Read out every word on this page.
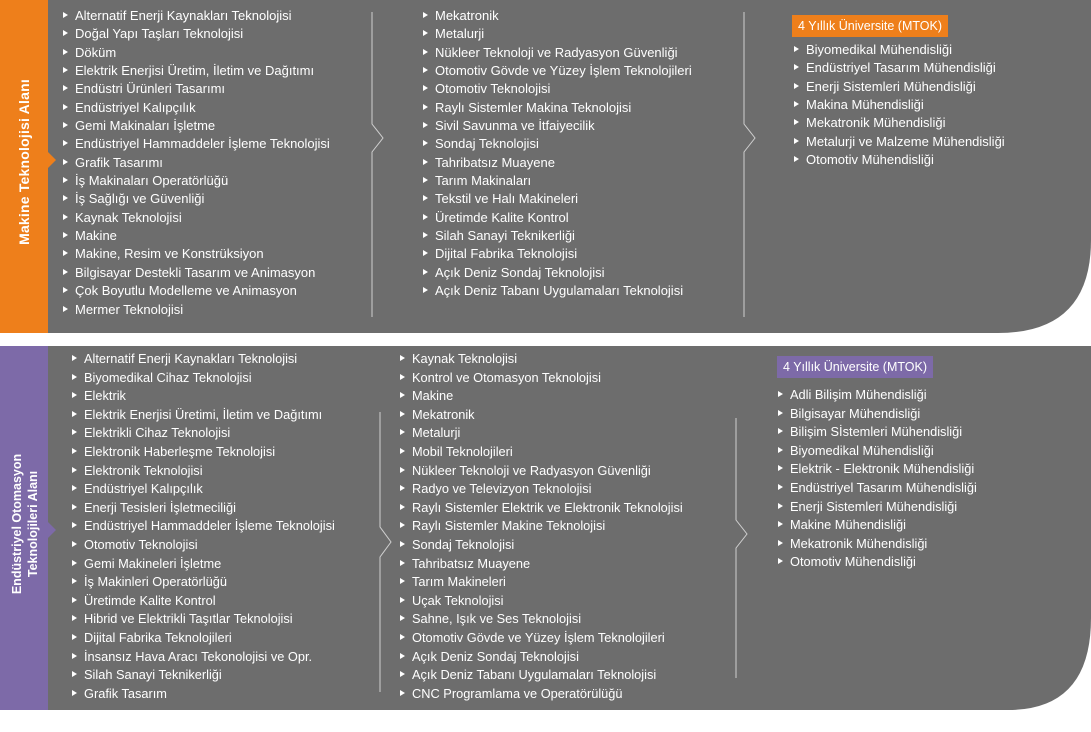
Makine Teknolojisi Alanı
Alternatif Enerji Kaynakları Teknolojisi
Doğal Yapı Taşları Teknolojisi
Döküm
Elektrik Enerjisi Üretim, İletim ve Dağıtımı
Endüstri Ürünleri Tasarımı
Endüstriyel Kalıpçılık
Gemi Makinaları İşletme
Endüstriyel Hammaddeler İşleme Teknolojisi
Grafik Tasarımı
İş Makinaları Operatörlüğü
İş Sağlığı ve Güvenliği
Kaynak Teknolojisi
Makine
Makine, Resim ve Konstrüksiyon
Bilgisayar Destekli Tasarım ve Animasyon
Çok Boyutlu Modelleme ve Animasyon
Mermer Teknolojisi
Mekatronik
Metalurji
Nükleer Teknoloji ve Radyasyon Güvenliği
Otomotiv Gövde ve Yüzey İşlem Teknolojileri
Otomotiv Teknolojisi
Raylı Sistemler Makina Teknolojisi
Sivil Savunma ve İtfaiyecilik
Sondaj Teknolojisi
Tahribatsız Muayene
Tarım Makinaları
Tekstil ve Halı Makineleri
Üretimde Kalite Kontrol
Silah Sanayi Teknikerliği
Dijital Fabrika Teknolojisi
Açık Deniz Sondaj Teknolojisi
Açık Deniz Tabanı Uygulamaları Teknolojisi
4 Yıllık Üniversite (MTOK)
Biyomedikal Mühendisliği
Endüstriyel Tasarım Mühendisliği
Enerji Sistemleri Mühendisliği
Makina Mühendisliği
Mekatronik Mühendisliği
Metalurji ve Malzeme Mühendisliği
Otomotiv Mühendisliği
Endüstriyel Otomasyon Teknolojileri Alanı
Alternatif Enerji Kaynakları Teknolojisi
Biyomedikal Cihaz Teknolojisi
Elektrik
Elektrik Enerjisi Üretimi, İletim ve Dağıtımı
Elektrikli Cihaz Teknolojisi
Elektronik Haberleşme Teknolojisi
Elektronik Teknolojisi
Endüstriyel Kalıpçılık
Enerji Tesisleri İşletmeciliği
Endüstriyel Hammaddeler İşleme Teknolojisi
Otomotiv Teknolojisi
Gemi Makineleri İşletme
İş Makinleri Operatörlüğü
Üretimde Kalite Kontrol
Hibrid ve Elektrikli Taşıtlar Teknolojisi
Dijital Fabrika Teknolojileri
İnsansız Hava Aracı Tekonolojisi ve Opr.
Silah Sanayi Teknikerliği
Grafik Tasarım
Kaynak Teknolojisi
Kontrol ve Otomasyon Teknolojisi
Makine
Mekatronik
Metalurji
Mobil Teknolojileri
Nükleer Teknoloji ve Radyasyon Güvenliği
Radyo ve Televizyon Teknolojisi
Raylı Sistemler Elektrik ve Elektronik Teknolojisi
Raylı Sistemler Makine Teknolojisi
Sondaj Teknolojisi
Tahribatsız Muayene
Tarım Makineleri
Uçak Teknolojisi
Sahne, Işık ve Ses Teknolojisi
Otomotiv Gövde ve Yüzey İşlem Teknolojileri
Açık Deniz Sondaj Teknolojisi
Açık Deniz Tabanı Uygulamaları Teknolojisi
CNC Programlama ve Operatörülüğü
4 Yıllık Üniversite (MTOK)
Adli Bilişim Mühendisliği
Bilgisayar Mühendisliği
Bilişim Sİstemleri Mühendisliği
Biyomedikal Mühendisliği
Elektrik - Elektronik Mühendisliği
Endüstriyel Tasarım Mühendisliği
Enerji Sistemleri Mühendisliği
Makine Mühendisliği
Mekatronik Mühendisliği
Otomotiv Mühendisliği
